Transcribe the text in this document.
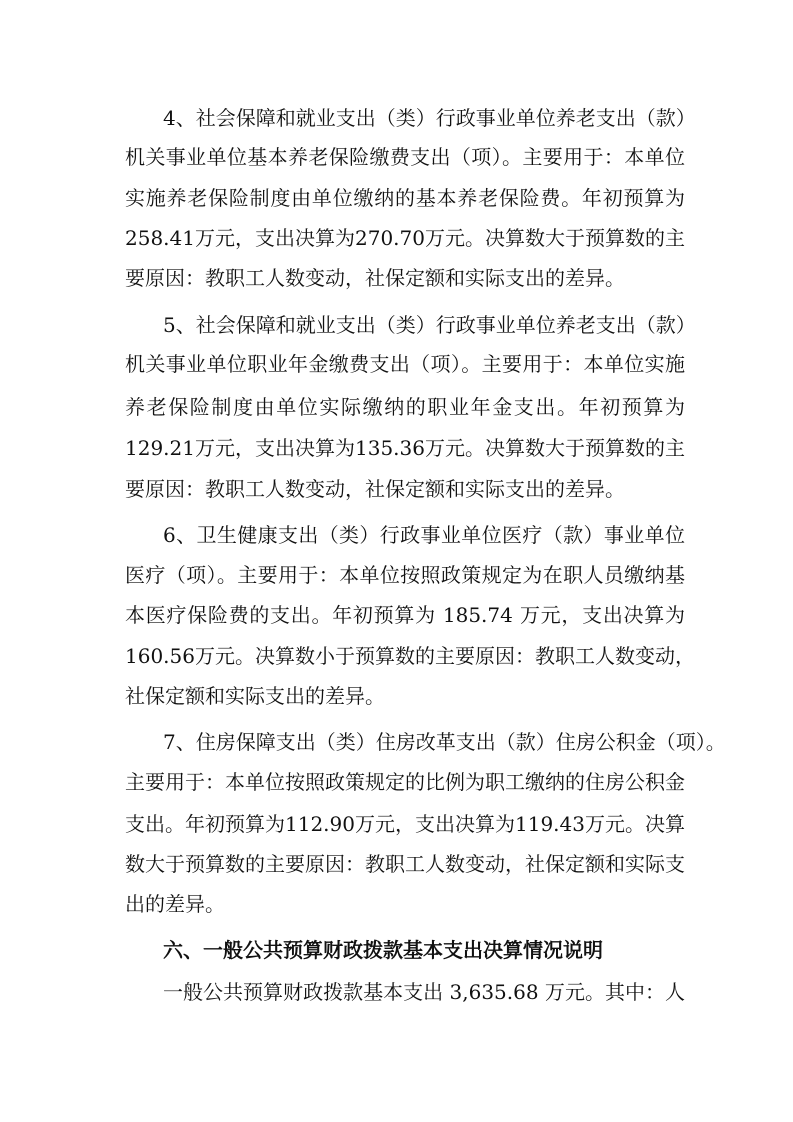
4、社会保障和就业支出（类）行政事业单位养老支出（款）
机关事业单位基本养老保险缴费支出（项）。主要用于：本单位
实施养老保险制度由单位缴纳的基本养老保险费。年初预算为
258.41万元，支出决算为270.70万元。决算数大于预算数的主
要原因：教职工人数变动，社保定额和实际支出的差异。
5、社会保障和就业支出（类）行政事业单位养老支出（款）
机关事业单位职业年金缴费支出（项）。主要用于：本单位实施
养老保险制度由单位实际缴纳的职业年金支出。年初预算为
129.21万元，支出决算为135.36万元。决算数大于预算数的主
要原因：教职工人数变动，社保定额和实际支出的差异。
6、卫生健康支出（类）行政事业单位医疗（款）事业单位
医疗（项）。主要用于：本单位按照政策规定为在职人员缴纳基
本医疗保险费的支出。年初预算为 185.74 万元，支出决算为
160.56万元。决算数小于预算数的主要原因：教职工人数变动，
社保定额和实际支出的差异。
7、住房保障支出（类）住房改革支出（款）住房公积金（项）。
主要用于：本单位按照政策规定的比例为职工缴纳的住房公积金
支出。年初预算为112.90万元，支出决算为119.43万元。决算
数大于预算数的主要原因：教职工人数变动，社保定额和实际支
出的差异。
六、一般公共预算财政拨款基本支出决算情况说明
一般公共预算财政拨款基本支出 3,635.68 万元。其中：人
